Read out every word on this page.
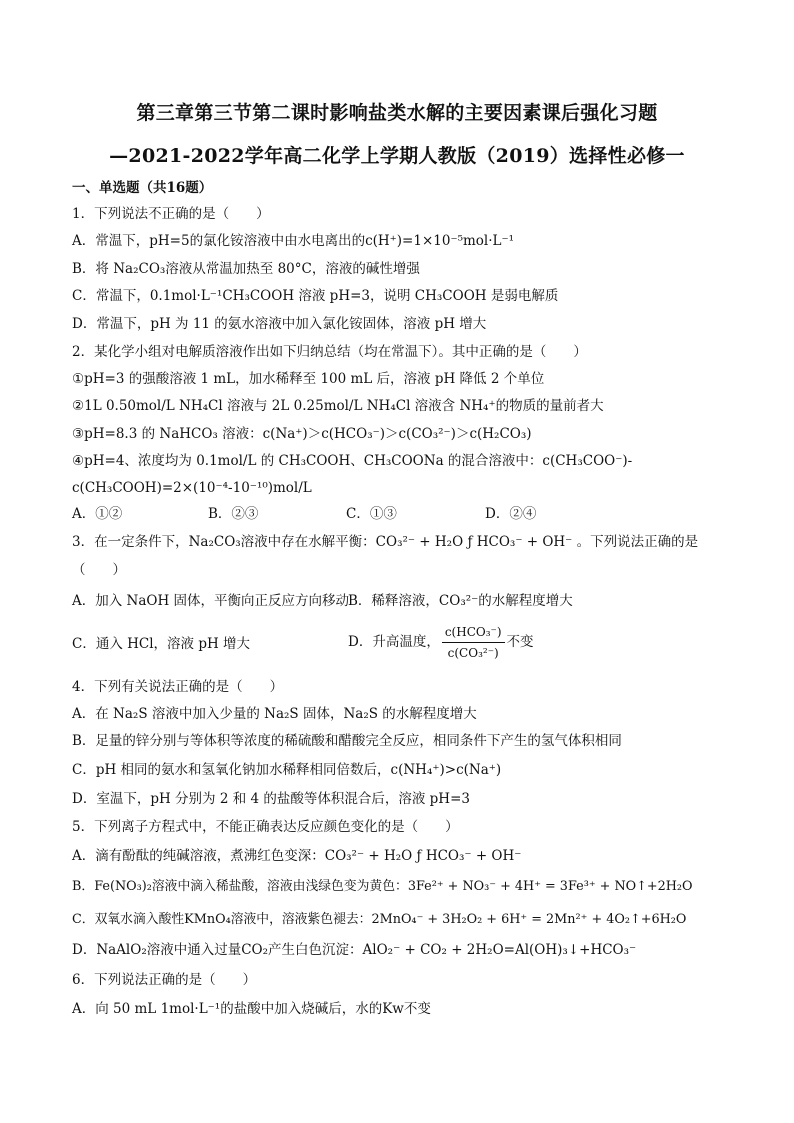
第三章第三节第二课时影响盐类水解的主要因素课后强化习题
—2021-2022学年高二化学上学期人教版（2019）选择性必修一
一、单选题（共16题）
1．下列说法不正确的是（　　）
A．常温下，pH=5的氯化铵溶液中由水电离出的c(H⁺)=1×10⁻⁵mol·L⁻¹
B．将 Na₂CO₃溶液从常温加热至 80°C，溶液的碱性增强
C．常温下，0.1mol·L⁻¹CH₃COOH 溶液 pH=3，说明 CH₃COOH 是弱电解质
D．常温下，pH 为 11 的氨水溶液中加入氯化铵固体，溶液 pH 增大
2．某化学小组对电解质溶液作出如下归纳总结（均在常温下）。其中正确的是（　　）
①pH=3 的强酸溶液 1 mL，加水稀释至 100 mL 后，溶液 pH 降低 2 个单位
②1L 0.50mol/L NH₄Cl 溶液与 2L 0.25mol/L NH₄Cl 溶液含 NH₄⁺的物质的量前者大
③pH=8.3 的 NaHCO₃ 溶液：c(Na⁺)＞c(HCO₃⁻)＞c(CO₃²⁻)＞c(H₂CO₃)
④pH=4、浓度均为 0.1mol/L 的 CH₃COOH、CH₃COONa 的混合溶液中：c(CH₃COO⁻)-
c(CH₃COOH)=2×(10⁻⁴-10⁻¹⁰)mol/L
A．①②	B．②③	C．①③	D．②④
3．在一定条件下，Na₂CO₃溶液中存在水解平衡：CO₃²⁻ + H₂O ƒ HCO₃⁻ + OH⁻ 。下列说法正确的是
（　　）
A．加入 NaOH 固体，平衡向正反应方向移动
B．稀释溶液，CO₃²⁻的水解程度增大
C．通入 HCl，溶液 pH 增大	D．升高温度， $\frac{\text{c(HCO₃⁻)}}{\text{c(CO₃²⁻)}}$ 不变
4．下列有关说法正确的是（　　）
A．在 Na₂S 溶液中加入少量的 Na₂S 固体，Na₂S 的水解程度增大
B．足量的锌分别与等体积等浓度的稀硫酸和醋酸完全反应，相同条件下产生的氢气体积相同
C．pH 相同的氨水和氢氧化钠加水稀释相同倍数后，c(NH₄⁺)>c(Na⁺)
D．室温下，pH 分别为 2 和 4 的盐酸等体积混合后，溶液 pH=3
5．下列离子方程式中，不能正确表达反应颜色变化的是（　　）
A．滴有酚酞的纯碱溶液，煮沸红色变深：CO₃²⁻ + H₂O ƒ HCO₃⁻ + OH⁻
B．Fe(NO₃)₂溶液中滴入稀盐酸，溶液由浅绿色变为黄色：3Fe²⁺ + NO₃⁻ + 4H⁺ = 3Fe³⁺ + NO↑+2H₂O
C．双氧水滴入酸性KMnO₄溶液中，溶液紫色褪去：2MnO₄⁻ + 3H₂O₂ + 6H⁺ = 2Mn²⁺ + 4O₂↑+6H₂O
D．NaAlO₂溶液中通入过量CO₂产生白色沉淀：AlO₂⁻ + CO₂ + 2H₂O=Al(OH)₃↓+HCO₃⁻
6．下列说法正确的是（　　）
A．向 50 mL 1mol·L⁻¹的盐酸中加入烧碱后，水的Kw不变
